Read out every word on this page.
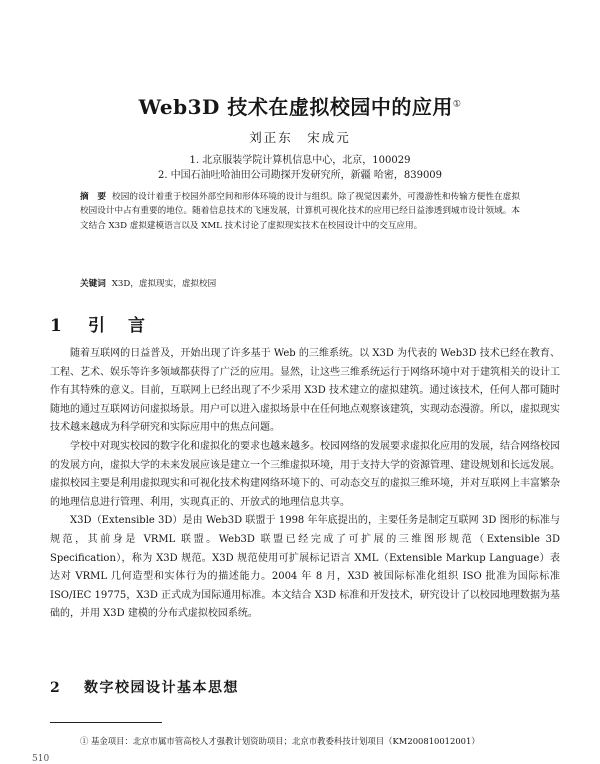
Web3D 技术在虚拟校园中的应用①
刘正东　宋成元
1. 北京服装学院计算机信息中心，北京，100029
2. 中国石油吐哈油田公司勘探开发研究所，新疆 哈密，839009
摘　要 校园的设计着重于校园外部空间和形体环境的设计与组织。除了视觉因素外，可漫游性和传输方便性在虚拟校园设计中占有重要的地位。随着信息技术的飞速发展，计算机可视化技术的应用已经日益渗透到城市设计领域。本文结合 X3D 虚拟建模语言以及 XML 技术讨论了虚拟现实技术在校园设计中的交互应用。
关键词 X3D，虚拟现实，虚拟校园
1 引　言

随着互联网的日益普及，开始出现了许多基于 Web 的三维系统。以 X3D 为代表的 Web3D 技术已经在教育、工程、艺术、娱乐等许多领域都获得了广泛的应用。显然，让这些三维系统运行于网络环境中对于建筑相关的设计工作有其特殊的意义。目前，互联网上已经出现了不少采用 X3D 技术建立的虚拟建筑。通过该技术，任何人都可随时随地的通过互联网访问虚拟场景。用户可以进入虚拟场景中在任何地点观察该建筑，实现动态漫游。所以，虚拟现实技术越来越成为科学研究和实际应用中的焦点问题。

学校中对现实校园的数字化和虚拟化的要求也越来越多。校园网络的发展要求虚拟化应用的发展，结合网络校园的发展方向，虚拟大学的未来发展应该是建立一个三维虚拟环境，用于支持大学的资源管理、建设规划和长远发展。虚拟校园主要是利用虚拟现实和可视化技术构建网络环境下的、可动态交互的虚拟三维环境，并对互联网上丰富繁杂的地理信息进行管理、利用，实现真正的、开放式的地理信息共享。

X3D（Extensible 3D）是由 Web3D 联盟于 1998 年年底提出的，主要任务是制定互联网 3D 图形的标准与规范，其前身是 VRML 联盟。Web3D 联盟已经完成了可扩展的三维图形规范（Extensible 3D Specification），称为 X3D 规范。X3D 规范使用可扩展标记语言 XML（Extensible Markup Language）表达对 VRML 几何造型和实体行为的描述能力。2004 年 8 月，X3D 被国际标准化组织 ISO 批准为国际标准 ISO/IEC 19775，X3D 正式成为国际通用标准。本文结合 X3D 标准和开发技术，研究设计了以校园地理数据为基础的，并用 X3D 建模的分布式虚拟校园系统。

2 数字校园设计基本思想
① 基金项目：北京市属市管高校人才强教计划资助项目；北京市教委科技计划项目（KM200810012001）
510
